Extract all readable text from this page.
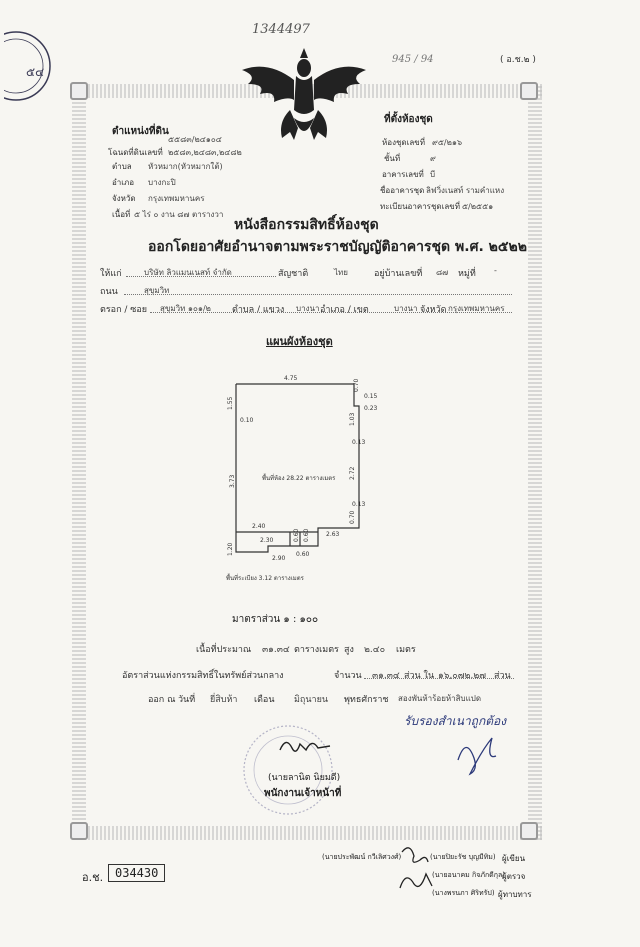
๕๔
1344497
945 / 94	( อ.ช.๒ )
ตำแหน่งที่ดิน
๕๕๘๓/๒๔๑๐๔
โฉนดที่ดินเลขที่ ๒๕๘๓,๒๔๘๓,๒๔๘๒
ตำบล หัวหมาก(หัวหมากใต้)
อำเภอ บางกะปิ
จังหวัด กรุงเทพมหานคร
เนื้อที่ ๕ ไร่ ๐ งาน ๘๗ ตารางวา
ที่ตั้งห้องชุด
ห้องชุดเลขที่ ๙๕/๒๑๖
ชั้นที่	๙
อาคารเลขที่ บี
ชื่ออาคารชุด ลิฟวิ่งเนสท์ รามคำแหง
ทะเบียนอาคารชุดเลขที่ ๕/๒๕๕๑
หนังสือกรรมสิทธิ์ห้องชุด
ออกโดยอาศัยอำนาจตามพระราชบัญญัติอาคารชุด พ.ศ. ๒๕๒๒
ให้แก่	บริษัท ลิวแมนเนสท์ จำกัด	สัญชาติ	ไทย	อยู่บ้านเลขที่ ๘๗ หมู่ที่ -
ถนน	สุขุมวิท
ตรอก / ซอย สุขุมวิท ๑๐๑/๒ ตำบล / แขวง บางนา อำเภอ / เขต	บางนา จังหวัด กรุงเทพมหานคร
แผนผังห้องชุด
4.75
1.55
0.10
3.73
1.20
0.70
0.15
0.23
1.03
0.13
2.72
0.13
0.70
พื้นที่ห้อง 28.22 ตารางเมตร
2.40
2.30	0.60 0.60	2.63
2.90
0.60
พื้นที่ระเบียง 3.12 ตารางเมตร
มาตราส่วน ๑ : ๑๐๐
เนื้อที่ประมาณ ๓๑.๓๔ ตารางเมตร สูง ๒.๔๐ เมตร
อัตราส่วนแห่งกรรมสิทธิ์ในทรัพย์ส่วนกลาง	จำนวน ๓๑.๓๔ ส่วน ใน ๑๖,๐๗๒.๒๗ ส่วน
ออก ณ วันที่ ยี่สิบห้า เดือน มิถุนายน พุทธศักราช สองพันห้าร้อยห้าสิบแปด
รับรองสำเนาถูกต้อง
(นายลานิต นิยมดี)
พนักงานเจ้าหน้าที่
(นายประพัฒน์ กวีเลิศวงศ์)	(นายปิยะรัช บุญมีทิม) ผู้เขียน
(นายอนาคม กิจภักดีกุล)
ผู้ตรวจ
(นางพรนภา ศิริทรัป) ผู้ทาบทาร
อ.ช. 034430
